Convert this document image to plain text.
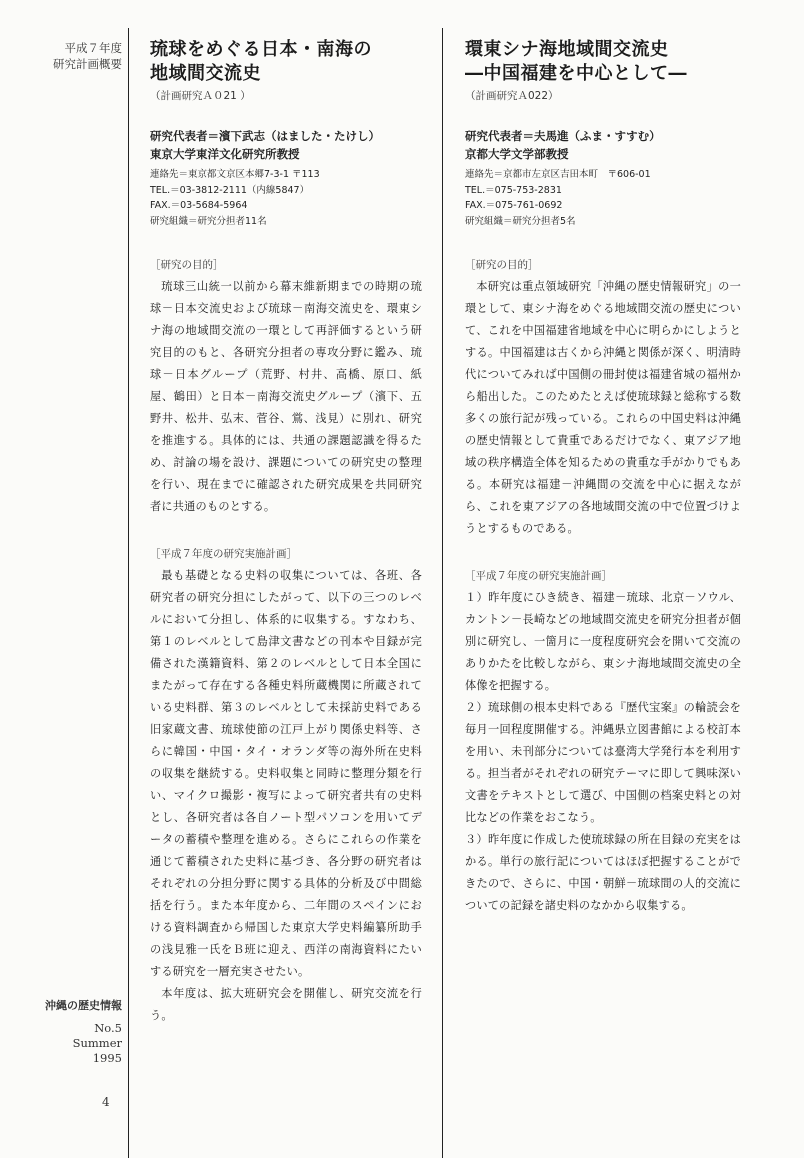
平成７年度
研究計画概要
沖縄の歴史情報
No.5
Summer
1995
4
琉球をめぐる日本・南海の
地域間交流史
（計画研究Ａ０21 ）
研究代表者＝濱下武志（はました・たけし）
東京大学東洋文化研究所教授
連絡先＝東京都文京区本郷7-3-1 〒113
TEL.＝03-3812-2111（内線5847）
FAX.＝03-5684-5964
研究組織＝研究分担者11名
［研究の目的］

琉球三山統一以前から幕末維新期までの時期の琉球－日本交流史および琉球－南海交流史を、環東シナ海の地域間交流の一環として再評価するという研究目的のもと、各研究分担者の専攻分野に鑑み、琉球－日本グループ（荒野、村井、高橋、原口、紙屋、鶴田）と日本－南海交流史グループ（濱下、五野井、松井、弘末、菅谷、鴬、浅見）に別れ、研究を推進する。具体的には、共通の課題認識を得るため、討論の場を設け、課題についての研究史の整理を行い、現在までに確認された研究成果を共同研究者に共通のものとする。

［平成７年度の研究実施計画］

最も基礎となる史料の収集については、各班、各研究者の研究分担にしたがって、以下の三つのレベルにおいて分担し、体系的に収集する。すなわち、第１のレベルとして島津文書などの刊本や目録が完備された漢籍資料、第２のレベルとして日本全国にまたがって存在する各種史料所蔵機関に所蔵されている史料群、第３のレベルとして未採訪史料である旧家蔵文書、琉球使節の江戸上がり関係史料等、さらに韓国・中国・タイ・オランダ等の海外所在史料の収集を継続する。史料収集と同時に整理分類を行い、マイクロ撮影・複写によって研究者共有の史料とし、各研究者は各自ノート型パソコンを用いてデータの蓄積や整理を進める。さらにこれらの作業を通じて蓄積された史料に基づき、各分野の研究者はそれぞれの分担分野に関する具体的分析及び中間総括を行う。また本年度から、二年間のスペインにおける資料調査から帰国した東京大学史料編纂所助手の浅見雅一氏をＢ班に迎え、西洋の南海資料にたいする研究を一層充実させたい。

本年度は、拡大班研究会を開催し、研究交流を行う。

環東シナ海地域間交流史
―中国福建を中心として―
（計画研究Ａ022）
研究代表者＝夫馬進（ふま・すすむ）
京都大学文学部教授
連絡先＝京都市左京区吉田本町　〒606-01
TEL.＝075-753-2831
FAX.＝075-761-0692
研究組織＝研究分担者5名
［研究の目的］

本研究は重点領域研究「沖縄の歴史情報研究」の一環として、東シナ海をめぐる地域間交流の歴史について、これを中国福建省地域を中心に明らかにしようとする。中国福建は古くから沖縄と関係が深く、明清時代についてみれば中国側の冊封使は福建省城の福州から船出した。このためたとえば使琉球録と総称する数多くの旅行記が残っている。これらの中国史料は沖縄の歴史情報として貴重であるだけでなく、東アジア地域の秩序構造全体を知るための貴重な手がかりでもある。本研究は福建－沖縄間の交流を中心に据えながら、これを東アジアの各地域間交流の中で位置づけようとするものである。

［平成７年度の研究実施計画］

１）昨年度にひき続き、福建－琉球、北京－ソウル、カントン－長崎などの地域間交流史を研究分担者が個別に研究し、一箇月に一度程度研究会を開いて交流のありかたを比較しながら、東シナ海地域間交流史の全体像を把握する。

２）琉球側の根本史料である『歴代宝案』の輪読会を毎月一回程度開催する。沖縄県立図書館による校訂本を用い、未刊部分については臺湾大学発行本を利用する。担当者がそれぞれの研究テーマに即して興味深い文書をテキストとして選び、中国側の档案史料との対比などの作業をおこなう。

３）昨年度に作成した使琉球録の所在目録の充実をはかる。単行の旅行記についてはほぼ把握することができたので、さらに、中国・朝鮮－琉球間の人的交流についての記録を諸史料のなかから収集する。
